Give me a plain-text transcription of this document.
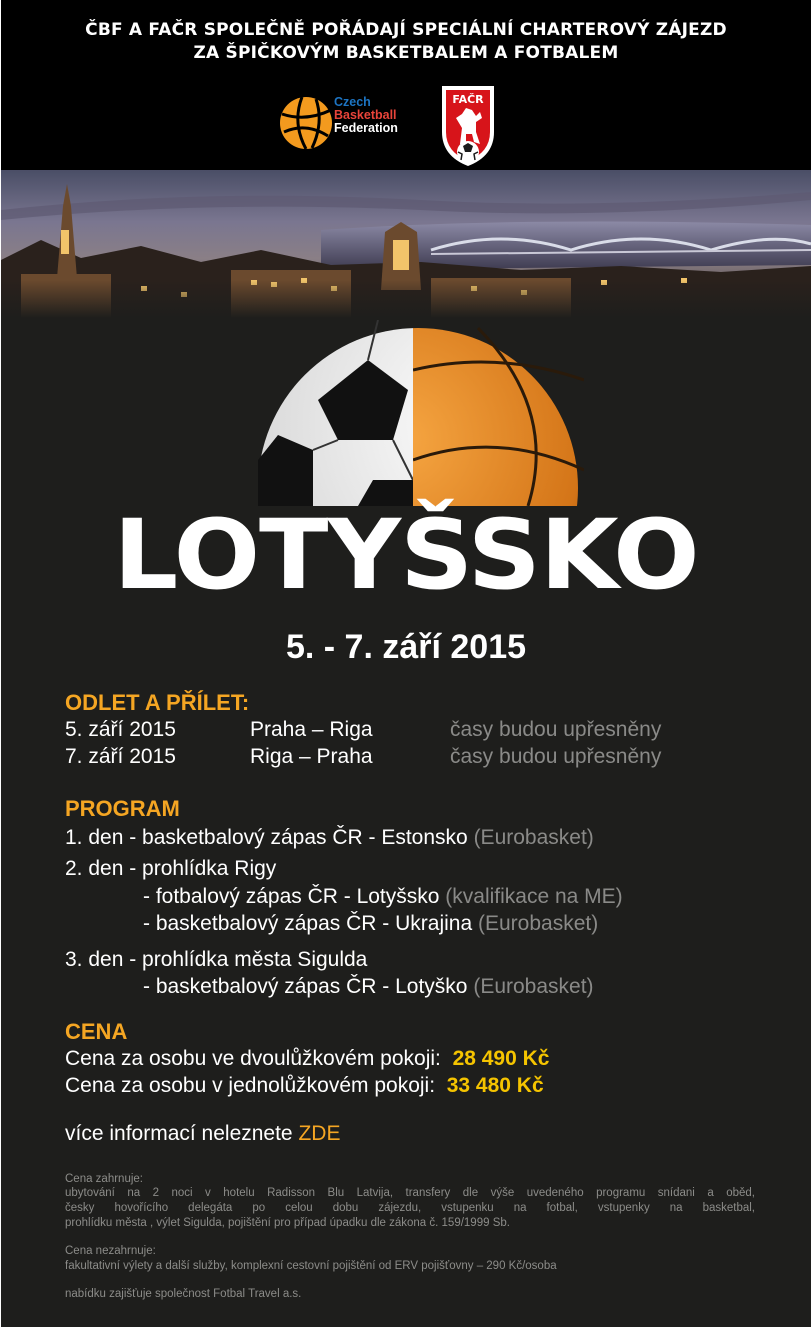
ČBF A FAČR SPOLEČNĚ POŘÁDAJÍ SPECIÁLNÍ CHARTEROVÝ ZÁJEZD
ZA ŠPIČKOVÝM BASKETBALEM A FOTBALEM
Czech
Basketball
Federation
FAČR
LOTYŠSKO
5. - 7. září 2015
ODLET A PŘÍLET:
5. září 2015	Praha – Riga	časy budou upřesněny
7. září 2015	Riga – Praha	časy budou upřesněny
PROGRAM
1. den - basketbalový zápas ČR - Estonsko (Eurobasket)
2. den - prohlídka Rigy
- fotbalový zápas ČR - Lotyšsko (kvalifikace na ME)
- basketbalový zápas ČR - Ukrajina (Eurobasket)
3. den - prohlídka města Sigulda
- basketbalový zápas ČR - Lotyško (Eurobasket)
CENA
Cena za osobu ve dvoulůžkovém pokoji: 28 490 Kč
Cena za osobu v jednolůžkovém pokoji: 33 480 Kč
více informací neleznete ZDE
Cena zahrnuje:
ubytování na 2 noci v hotelu Radisson Blu Latvija, transfery dle výše uvedeného programu snídani a oběd,
česky hovořícího delegáta po celou dobu zájezdu, vstupenku na fotbal, vstupenky na basketbal,
prohlídku města , výlet Sigulda, pojištění pro případ úpadku dle zákona č. 159/1999 Sb.
Cena nezahrnuje:
fakultativní výlety a další služby, komplexní cestovní pojištění od ERV pojišťovny – 290 Kč/osoba
nabídku zajišťuje společnost Fotbal Travel a.s.
